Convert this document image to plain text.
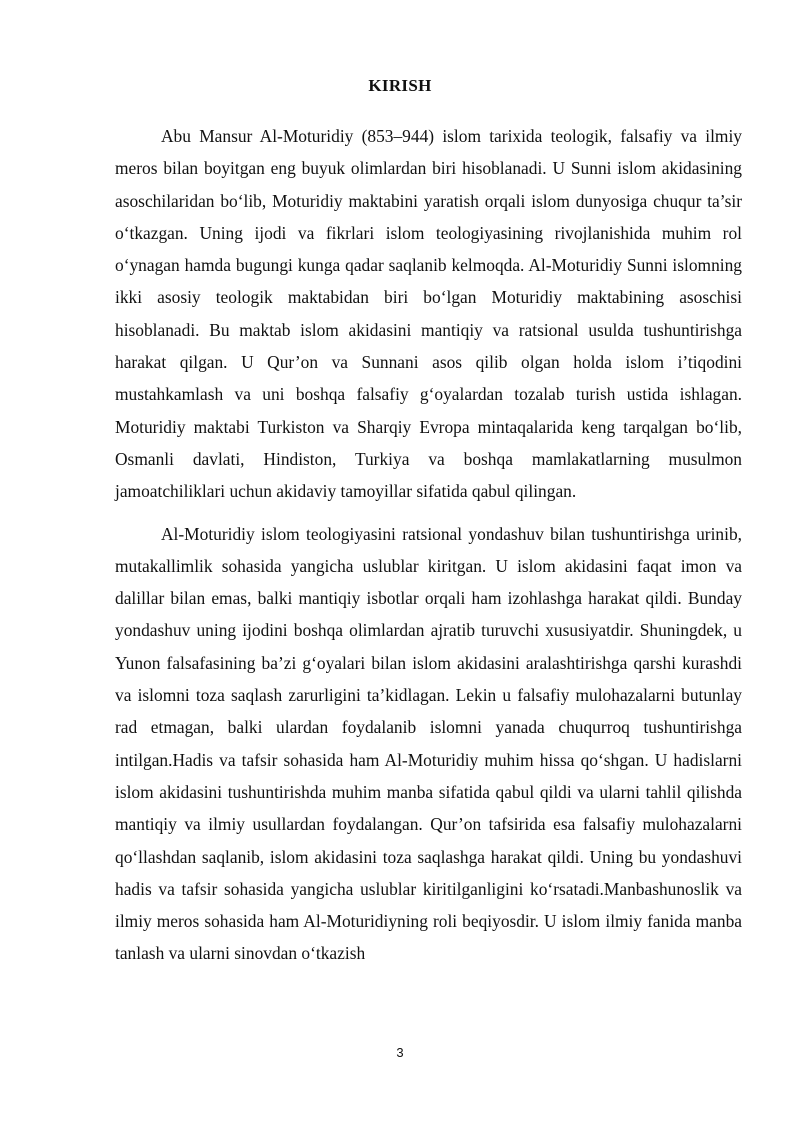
KIRISH

Abu Mansur Al-Moturidiy (853–944) islom tarixida teologik, falsafiy va ilmiy meros bilan boyitgan eng buyuk olimlardan biri hisoblanadi. U Sunni islom akidasining asoschilaridan bo‘lib, Moturidiy maktabini yaratish orqali islom dunyosiga chuqur ta’sir o‘tkazgan. Uning ijodi va fikrlari islom teologiyasining rivojlanishida muhim rol o‘ynagan hamda bugungi kunga qadar saqlanib kelmoqda. Al-Moturidiy Sunni islomning ikki asosiy teologik maktabidan biri bo‘lgan Moturidiy maktabining asoschisi hisoblanadi. Bu maktab islom akidasini mantiqiy va ratsional usulda tushuntirishga harakat qilgan. U Qur’on va Sunnani asos qilib olgan holda islom i’tiqodini mustahkamlash va uni boshqa falsafiy g‘oyalardan tozalab turish ustida ishlagan. Moturidiy maktabi Turkiston va Sharqiy Evropa mintaqalarida keng tarqalgan bo‘lib, Osmanli davlati, Hindiston, Turkiya va boshqa mamlakatlarning musulmon jamoatchiliklari uchun akidaviy tamoyillar sifatida qabul qilingan.

Al-Moturidiy islom teologiyasini ratsional yondashuv bilan tushuntirishga urinib, mutakallimlik sohasida yangicha uslublar kiritgan. U islom akidasini faqat imon va dalillar bilan emas, balki mantiqiy isbotlar orqali ham izohlashga harakat qildi. Bunday yondashuv uning ijodini boshqa olimlardan ajratib turuvchi xususiyatdir. Shuningdek, u Yunon falsafasining ba’zi g‘oyalari bilan islom akidasini aralashtirishga qarshi kurashdi va islomni toza saqlash zarurligini ta’kidlagan. Lekin u falsafiy mulohazalarni butunlay rad etmagan, balki ulardan foydalanib islomni yanada chuqurroq tushuntirishga intilgan.Hadis va tafsir sohasida ham Al-Moturidiy muhim hissa qo‘shgan. U hadislarni islom akidasini tushuntirishda muhim manba sifatida qabul qildi va ularni tahlil qilishda mantiqiy va ilmiy usullardan foydalangan. Qur’on tafsirida esa falsafiy mulohazalarni qo‘llashdan saqlanib, islom akidasini toza saqlashga harakat qildi. Uning bu yondashuvi hadis va tafsir sohasida yangicha uslublar kiritilganligini ko‘rsatadi.Manbashunoslik va ilmiy meros sohasida ham Al-Moturidiyning roli beqiyosdir. U islom ilmiy fanida manba tanlash va ularni sinovdan o‘tkazish

3
